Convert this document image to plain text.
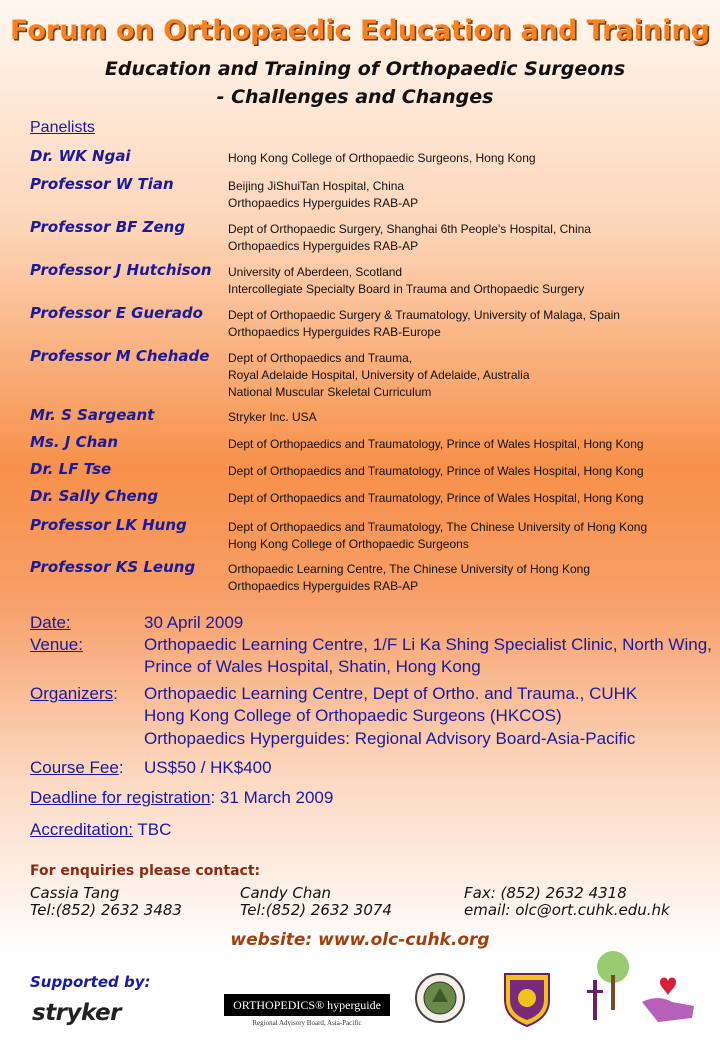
Forum on Orthopaedic Education and Training
Education and Training of Orthopaedic Surgeons
- Challenges and Changes
Panelists
Dr. WK Ngai	Hong Kong College of Orthopaedic Surgeons, Hong Kong
Professor W Tian	Beijing JiShuiTan Hospital, China
Orthopaedics Hyperguides RAB-AP
Professor BF Zeng	Dept of Orthopaedic Surgery, Shanghai 6th People's Hospital, China
Orthopaedics Hyperguides RAB-AP
Professor J Hutchison University of Aberdeen, Scotland
Intercollegiate Specialty Board in Trauma and Orthopaedic Surgery
Professor E Guerado Dept of Orthopaedic Surgery & Traumatology, University of Malaga, Spain
Orthopaedics Hyperguides RAB-Europe
Professor M Chehade Dept of Orthopaedics and Trauma,
Royal Adelaide Hospital, University of Adelaide, Australia
National Muscular Skeletal Curriculum
Mr. S Sargeant	Stryker Inc. USA
Ms. J Chan	Dept of Orthopaedics and Traumatology, Prince of Wales Hospital, Hong Kong
Dr. LF Tse	Dept of Orthopaedics and Traumatology, Prince of Wales Hospital, Hong Kong
Dr. Sally Cheng	Dept of Orthopaedics and Traumatology, Prince of Wales Hospital, Hong Kong
Professor LK Hung	Dept of Orthopaedics and Traumatology, The Chinese University of Hong Kong
Hong Kong College of Orthopaedic Surgeons
Professor KS Leung	Orthopaedic Learning Centre, The Chinese University of Hong Kong
Orthopaedics Hyperguides RAB-AP
Date:	30 April 2009
Venue:	Orthopaedic Learning Centre, 1/F Li Ka Shing Specialist Clinic, North Wing,
Prince of Wales Hospital, Shatin, Hong Kong
Organizers: Orthopaedic Learning Centre, Dept of Ortho. and Trauma., CUHK
Hong Kong College of Orthopaedic Surgeons (HKCOS)
Orthopaedics Hyperguides: Regional Advisory Board-Asia-Pacific
Course Fee: US$50 / HK$400
Deadline for registration: 31 March 2009
Accreditation: TBC
For enquiries please contact:
Cassia Tang
Tel:(852) 2632 3483
Candy Chan
Tel:(852) 2632 3074
Fax: (852) 2632 4318
email: olc@ort.cuhk.edu.hk
website: www.olc-cuhk.org
Supported by:
stryker	ORTHOPEDICS® hyperguide
Regional Advisory Board, Asia-Pacific
